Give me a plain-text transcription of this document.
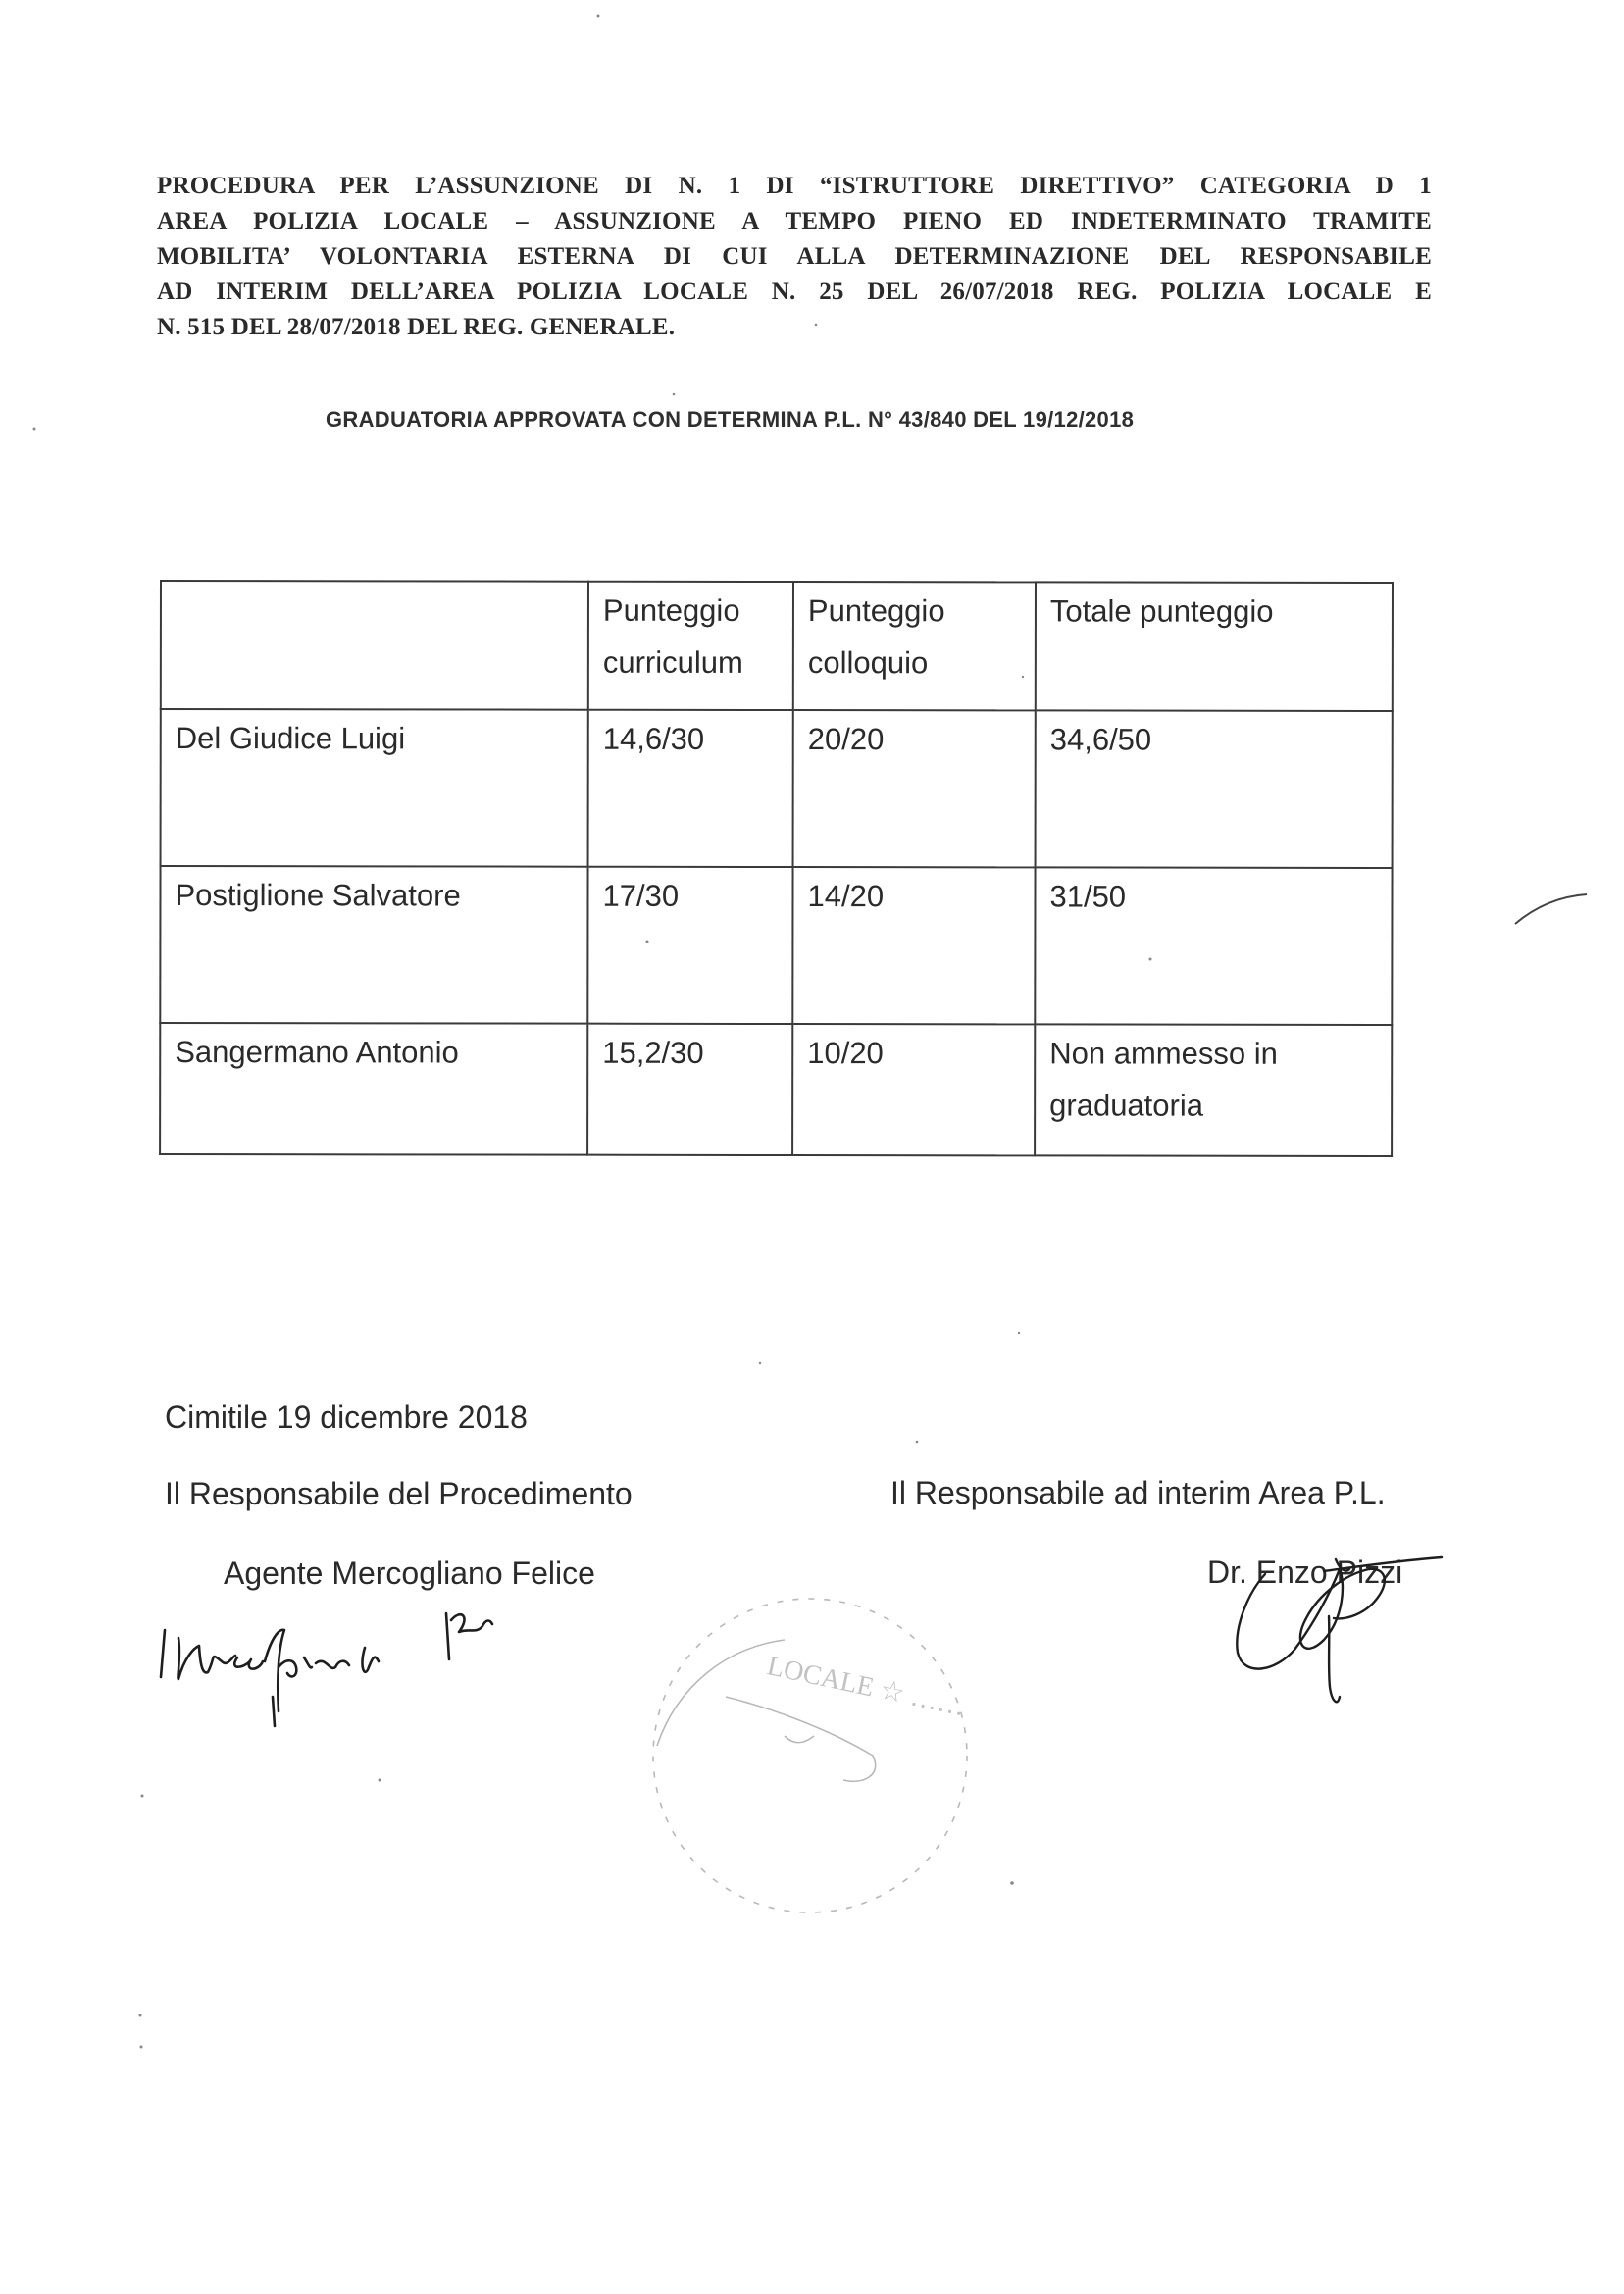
PROCEDURA PER L’ASSUNZIONE DI N. 1 DI “ISTRUTTORE DIRETTIVO” CATEGORIA D 1
AREA POLIZIA LOCALE – ASSUNZIONE A TEMPO PIENO ED INDETERMINATO TRAMITE
MOBILITA’ VOLONTARIA ESTERNA DI CUI ALLA DETERMINAZIONE DEL RESPONSABILE
AD INTERIM DELL’AREA POLIZIA LOCALE N. 25 DEL 26/07/2018 REG. POLIZIA LOCALE E
N. 515 DEL 28/07/2018 DEL REG. GENERALE.
GRADUATORIA APPROVATA CON DETERMINA P.L. N° 43/840 DEL 19/12/2018
	Punteggio curriculum	Punteggio colloquio	Totale punteggio
Del Giudice Luigi	14,6/30	20/20	34,6/50
Postiglione Salvatore	17/30	14/20	31/50
Sangermano Antonio	15,2/30	10/20	Non ammesso in graduatoria
Cimitile 19 dicembre 2018
Il Responsabile del Procedimento	Il Responsabile ad interim Area P.L.
Agente Mercogliano Felice	Dr. Enzo Pizzi
LOCALE ☆ ……
